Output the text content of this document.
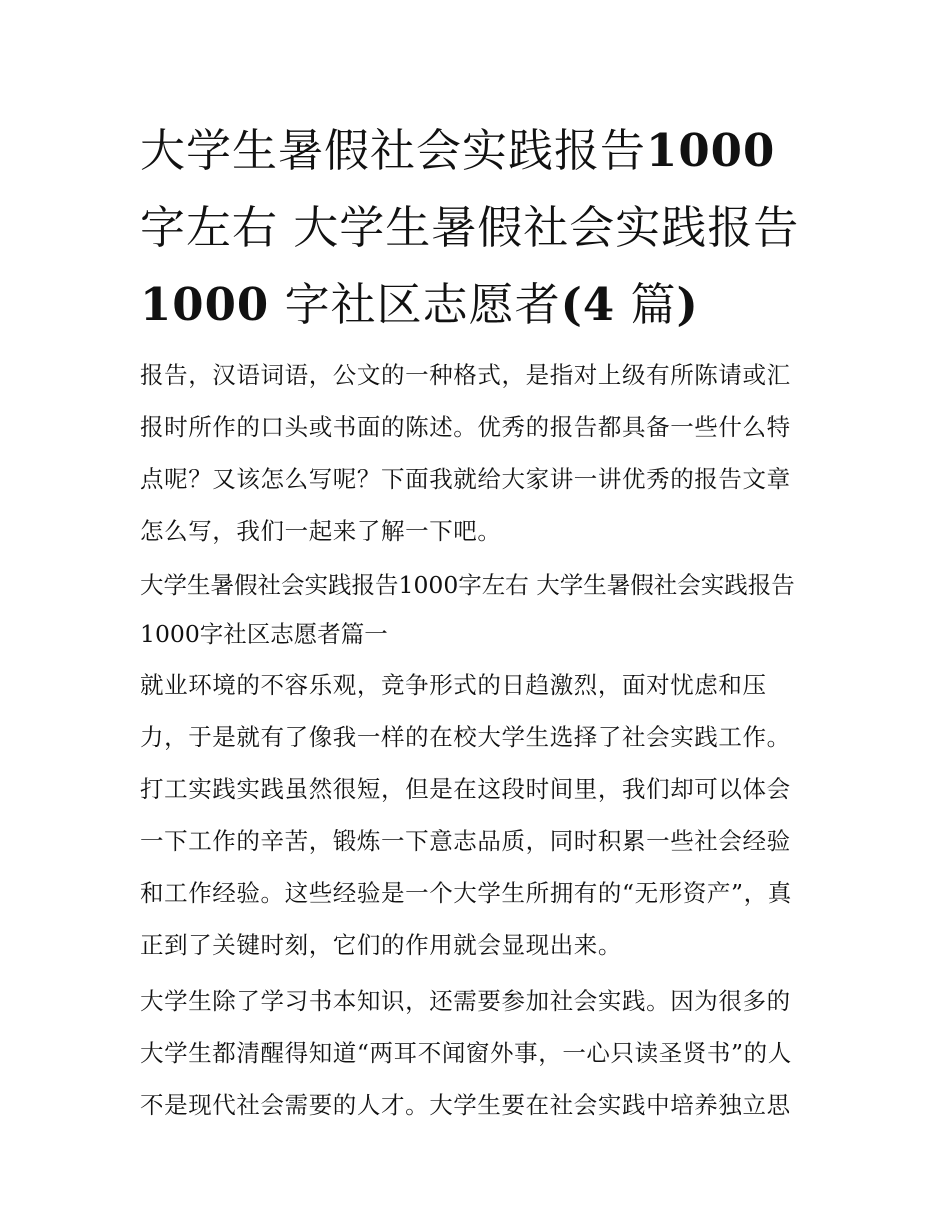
大学生暑假社会实践报告1000
字左右 大学生暑假社会实践报告
1000 字社区志愿者(4 篇)

报告，汉语词语，公文的一种格式，是指对上级有所陈请或汇报时所作的口头或书面的陈述。优秀的报告都具备一些什么特点呢？又该怎么写呢？下面我就给大家讲一讲优秀的报告文章怎么写，我们一起来了解一下吧。

大学生暑假社会实践报告1000字左右 大学生暑假社会实践报告1000字社区志愿者篇一

就业环境的不容乐观，竞争形式的日趋激烈，面对忧虑和压力，于是就有了像我一样的在校大学生选择了社会实践工作。打工实践实践虽然很短，但是在这段时间里，我们却可以体会一下工作的辛苦，锻炼一下意志品质，同时积累一些社会经验和工作经验。这些经验是一个大学生所拥有的“无形资产”，真正到了关键时刻，它们的作用就会显现出来。

大学生除了学习书本知识，还需要参加社会实践。因为很多的大学生都清醒得知道“两耳不闻窗外事，一心只读圣贤书”的人不是现代社会需要的人才。大学生要在社会实践中培养独立思
